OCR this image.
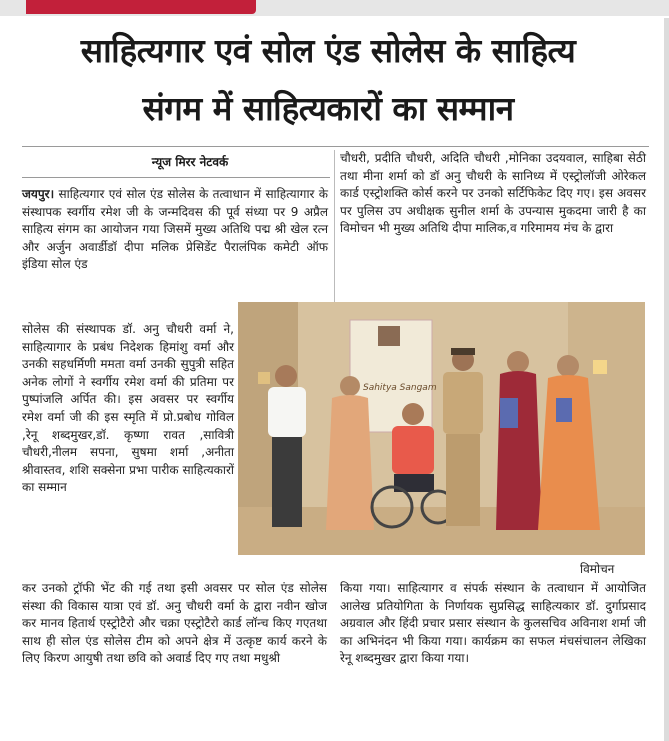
साहित्यगार एवं सोल एंड सोलेस के साहित्य
संगम में साहित्यकारों का सम्मान
न्यूज मिरर नेटवर्क

जयपुर। साहित्यगार एवं सोल एंड सोलेस के तत्वाधान में साहित्यागार के संस्थापक स्वर्गीय रमेश जी के जन्मदिवस की पूर्व संध्या पर 9 अप्रैल साहित्य संगम का आयोजन गया जिसमें मुख्य अतिथि पद्म श्री खेल रत्न और अर्जुन अवार्डीडॉ दीपा मलिक प्रेसिडेंट पैरालंपिक कमेटी ऑफ इंडिया सोल एंड

सोलेस की संस्थापक डॉ. अनु चौधरी वर्मा ने, साहित्यागार के प्रबंध निदेशक हिमांशु वर्मा और उनकी सहधर्मिणी ममता वर्मा उनकी सुपुत्री सहित अनेक लोगों ने स्वर्गीय रमेश वर्मा की प्रतिमा पर पुष्पांजलि अर्पित की। इस अवसर पर स्वर्गीय रमेश वर्मा जी की इस स्मृति में प्रो.प्रबोध गोविल ,रेनू शब्दमुखर,डॉ. कृष्णा रावत ,सावित्री चौधरी,नीलम सपना, सुषमा शर्मा ,अनीता श्रीवास्तव, शशि सक्सेना प्रभा पारीक साहित्यकारों का सम्मान

कर उनको ट्रॉफी भेंट की गई तथा इसी अवसर पर सोल एंड सोलेस संस्था की विकास यात्रा एवं डॉ. अनु चौधरी वर्मा के द्वारा नवीन खोज कर मानव हितार्थ एस्ट्रोटैरो और चक्रा एस्ट्रोटैरो कार्ड लॉन्च किए गएतथा साथ ही सोल एंड सोलेस टीम को अपने क्षेत्र में उत्कृष्ट कार्य करने के लिए किरण आयुषी तथा छवि को अवार्ड दिए गए तथा मधुश्री

चौधरी, प्रदीति चौधरी, अदिति चौधरी ,मोनिका उदयवाल, साहिबा सेठी तथा मीना शर्मा को डॉ अनु चौधरी के सानिध्य में एस्ट्रोलॉजी ओरेकल कार्ड एस्ट्रोशक्ति कोर्स करने पर उनको सर्टिफिकेट दिए गए। इस अवसर पर पुलिस उप अधीक्षक सुनील शर्मा के उपन्यास मुकदमा जारी है का विमोचन भी मुख्य अतिथि दीपा मालिक,व गरिमामय मंच के द्वारा

विमोचन

किया गया। साहित्यागर व संपर्क संस्थान के तत्वाधान में आयोजित आलेख प्रतियोगिता के निर्णायक सुप्रसिद्ध साहित्यकार डॉ. दुर्गाप्रसाद अग्रवाल और हिंदी प्रचार प्रसार संस्थान के कुलसचिव अविनाश शर्मा जी का अभिनंदन भी किया गया। कार्यक्रम का सफल मंचसंचालन लेखिका रेनू शब्दमुखर द्वारा किया गया।

Sahitya Sangam
